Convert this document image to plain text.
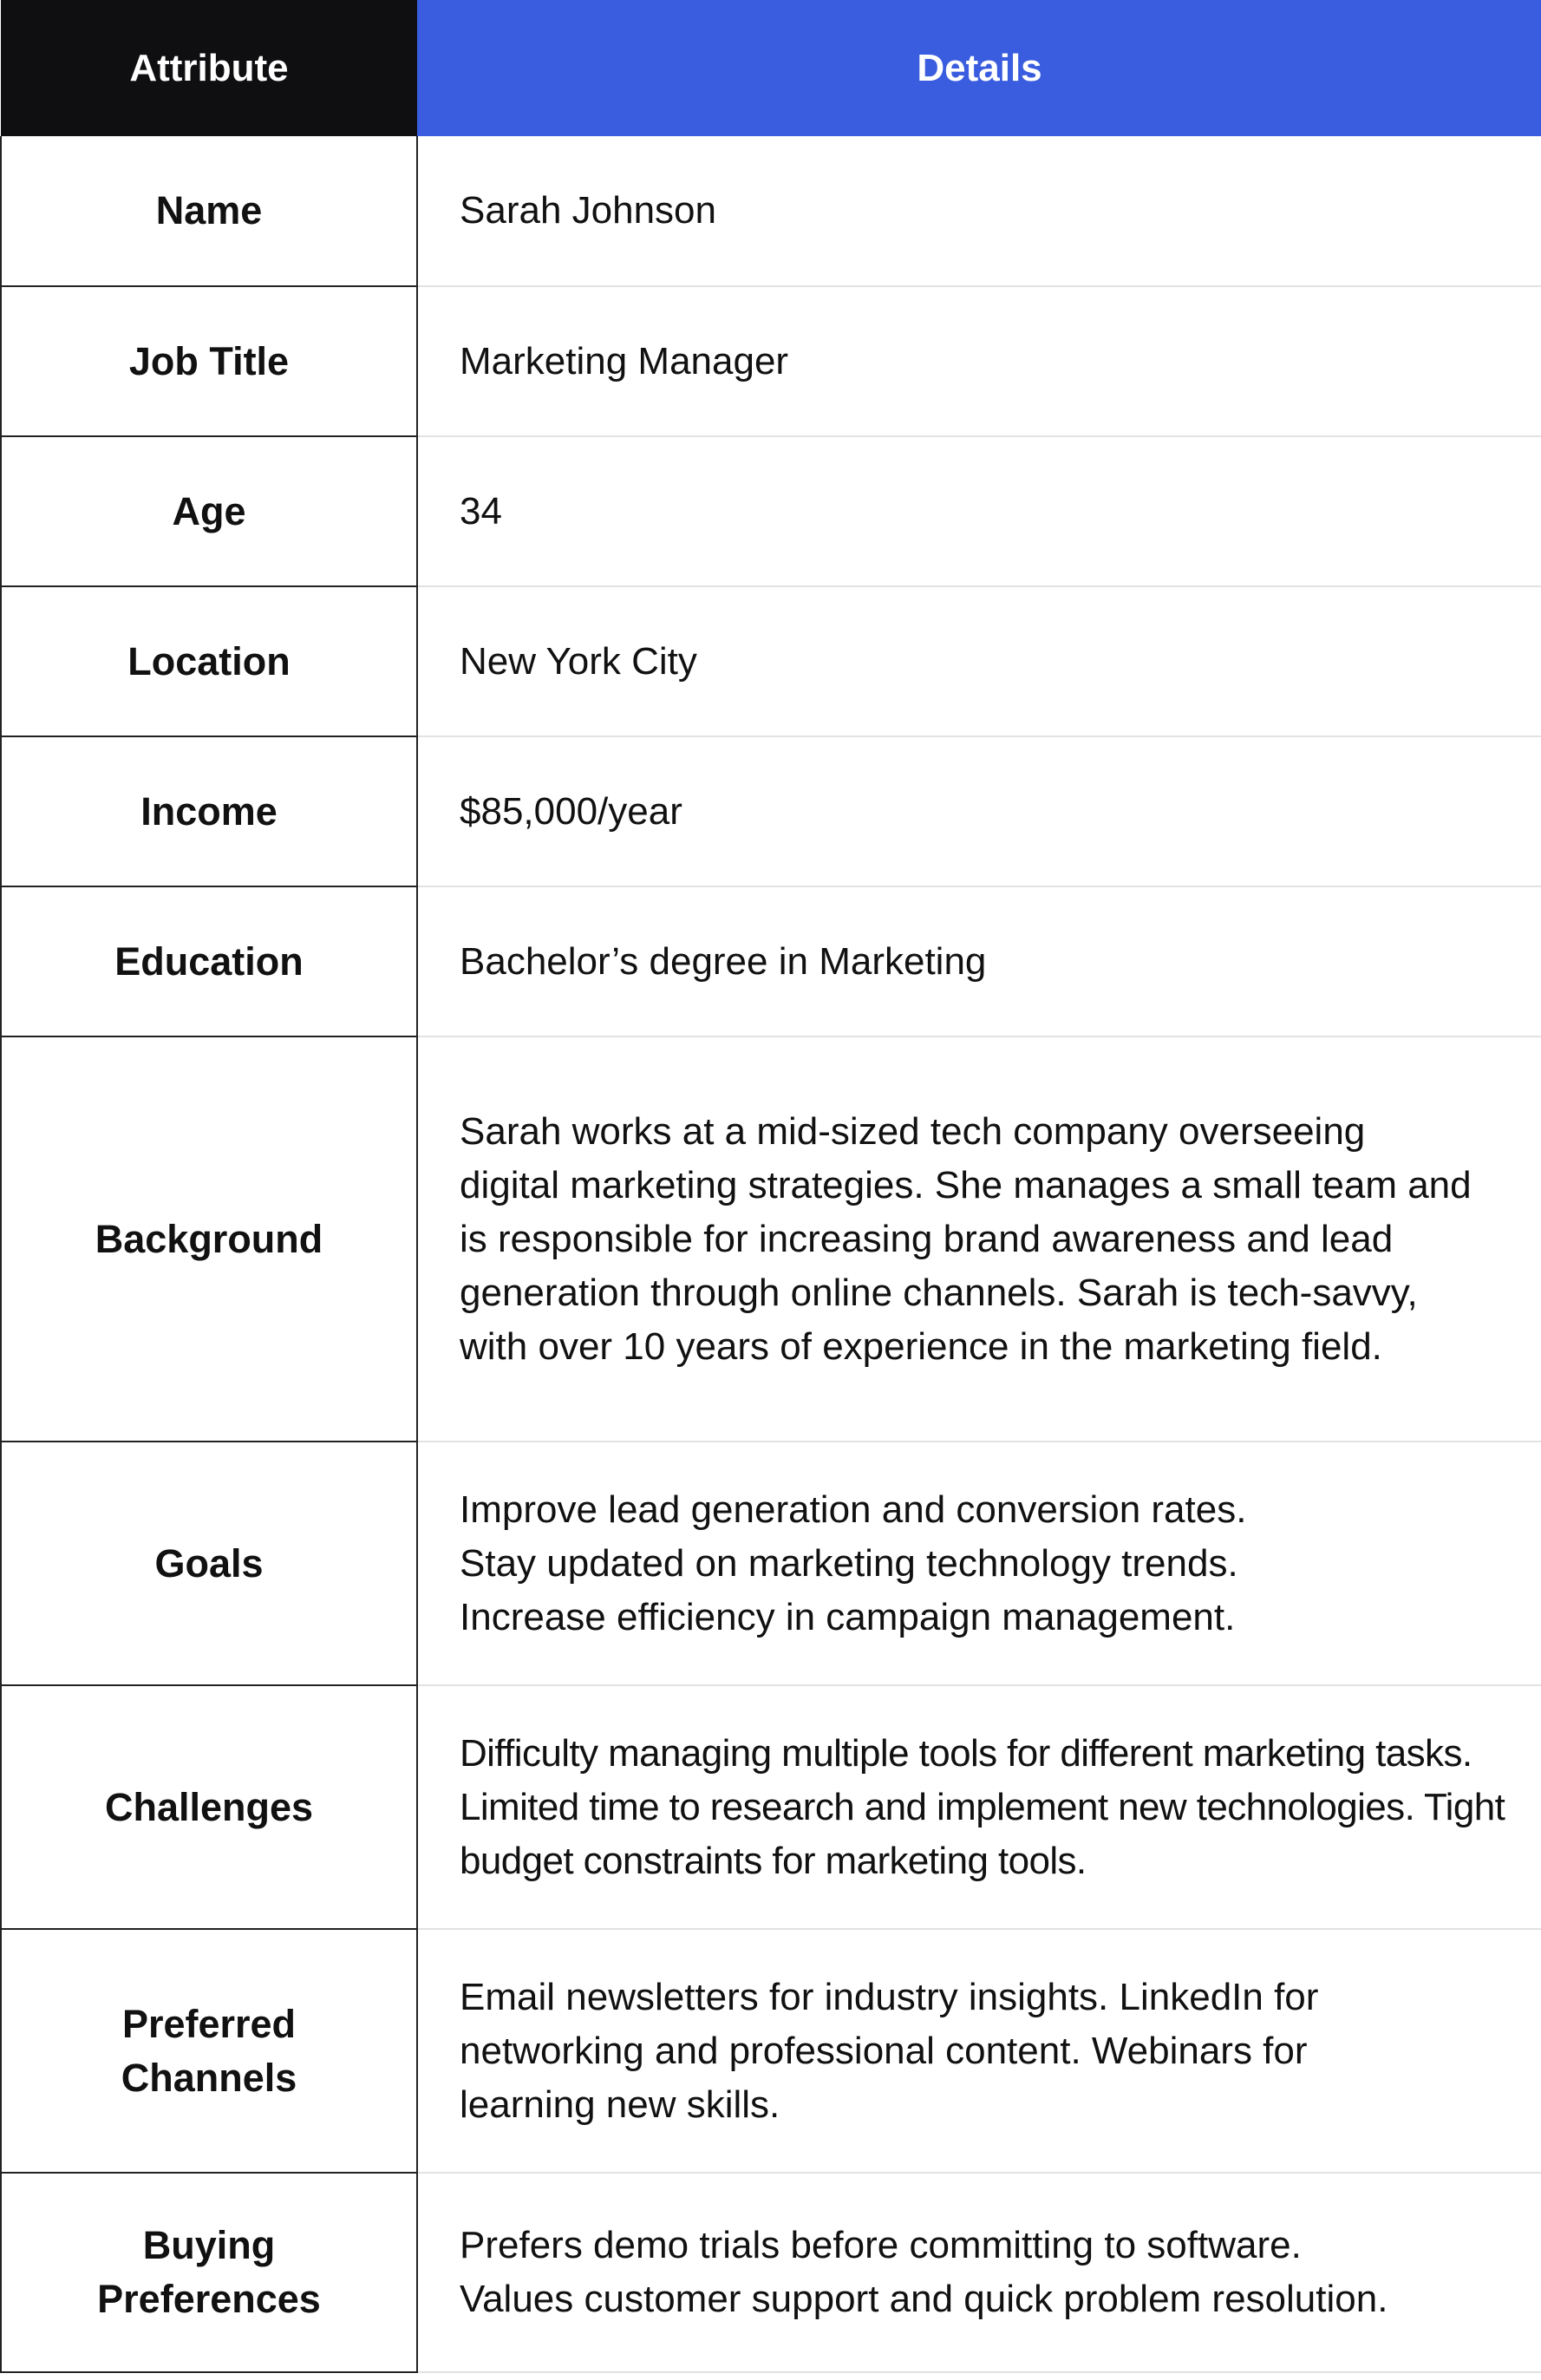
Attribute	Details
Name	Sarah Johnson
Job Title	Marketing Manager
Age	34
Location	New York City
Income	$85,000/year
Education	Bachelor’s degree in Marketing
Background	Sarah works at a mid-sized tech company overseeing digital marketing strategies. She manages a small team and is responsible for increasing brand awareness and lead generation through online channels. Sarah is tech-savvy, with over 10 years of experience in the marketing field.

Goals	Improve lead generation and conversion rates.
Stay updated on marketing technology trends.
Increase efficiency in campaign management.

Challenges	Difficulty managing multiple tools for different marketing tasks. Limited time to research and implement new technologies. Tight budget constraints for marketing tools.

Preferred Channels	Email newsletters for industry insights. LinkedIn for networking and professional content. Webinars for learning new skills.

Buying Preferences	Prefers demo trials before committing to software.
Values customer support and quick problem resolution.
